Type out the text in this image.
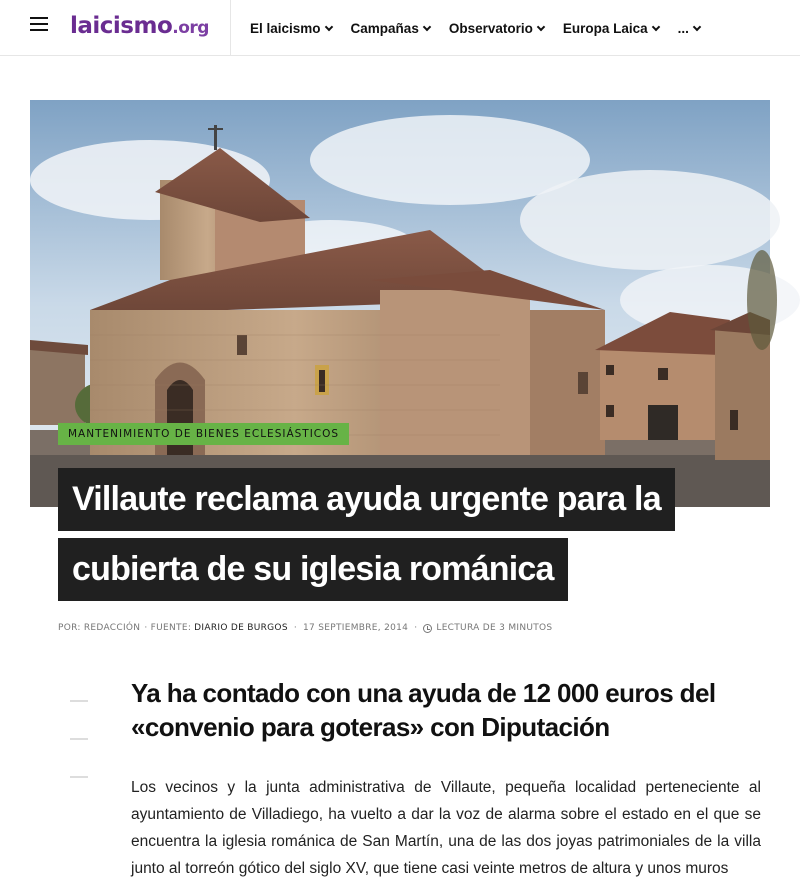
laicismo.org	El laicismo Campañas Observatorio Europa Laica ...
MANTENIMIENTO DE BIENES ECLESIÁSTICOS
Villaute reclama ayuda urgente para la
cubierta de su iglesia románica
POR: REDACCIÓN · FUENTE: DIARIO DE BURGOS · 17 SEPTIEMBRE, 2014 · LECTURA DE 3 MINUTOS
Ya ha contado con una ayuda de 12 000 euros del «convenio para goteras» con Diputación

Los vecinos y la junta administrativa de Villaute, pequeña localidad perteneciente al ayuntamiento de Villadiego, ha vuelto a dar la voz de alarma sobre el estado en el que se encuentra la iglesia románica de San Martín, una de las dos joyas patrimoniales de la villa junto al torreón gótico del siglo XV, que tiene casi veinte metros de altura y unos muros
